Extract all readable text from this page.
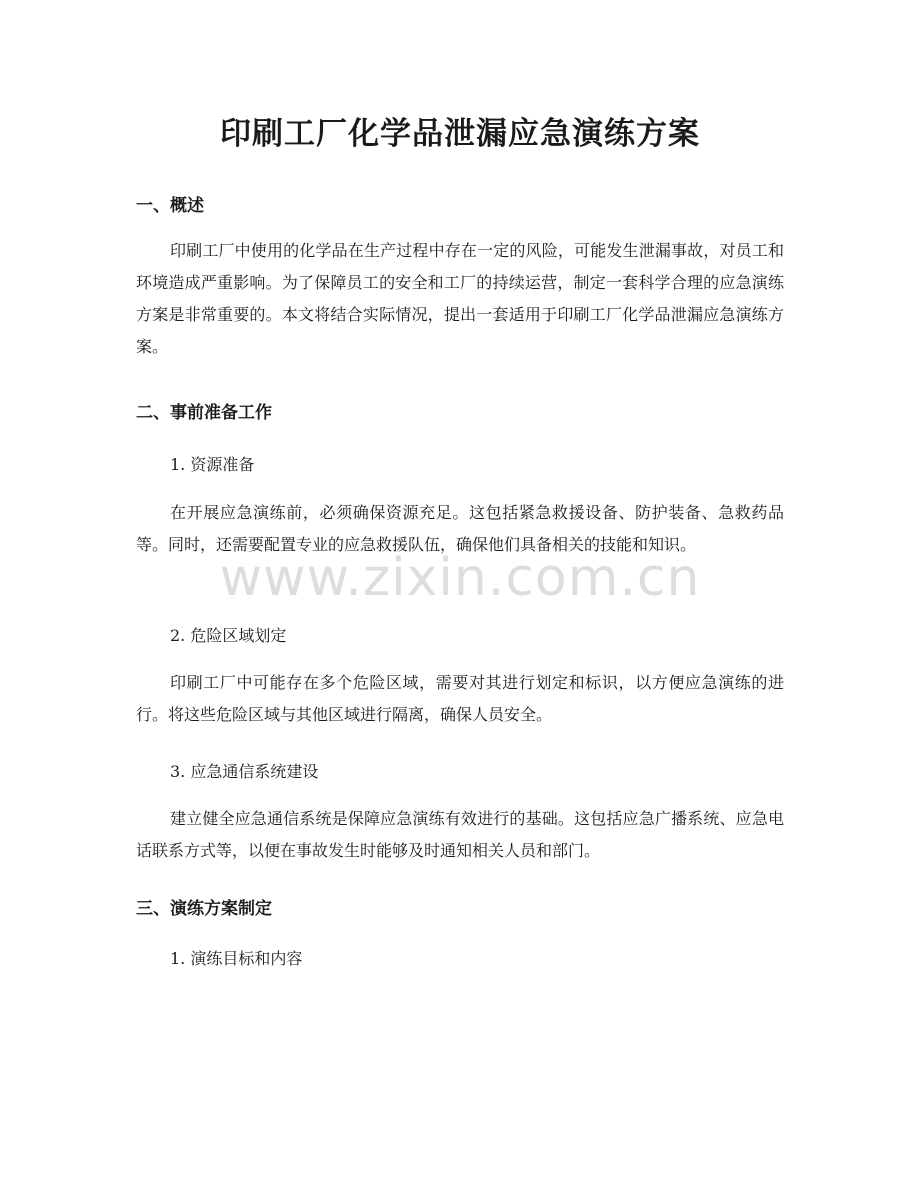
印刷工厂化学品泄漏应急演练方案
一、概述

印刷工厂中使用的化学品在生产过程中存在一定的风险，可能发生泄漏事故，对员工和环境造成严重影响。为了保障员工的安全和工厂的持续运营，制定一套科学合理的应急演练方案是非常重要的。本文将结合实际情况，提出一套适用于印刷工厂化学品泄漏应急演练方案。

二、事前准备工作

1. 资源准备

在开展应急演练前，必须确保资源充足。这包括紧急救援设备、防护装备、急救药品等。同时，还需要配置专业的应急救援队伍，确保他们具备相关的技能和知识。

2. 危险区域划定

印刷工厂中可能存在多个危险区域，需要对其进行划定和标识，以方便应急演练的进行。将这些危险区域与其他区域进行隔离，确保人员安全。

3. 应急通信系统建设

建立健全应急通信系统是保障应急演练有效进行的基础。这包括应急广播系统、应急电话联系方式等，以便在事故发生时能够及时通知相关人员和部门。

三、演练方案制定

1. 演练目标和内容

www.zixin.com.cn
